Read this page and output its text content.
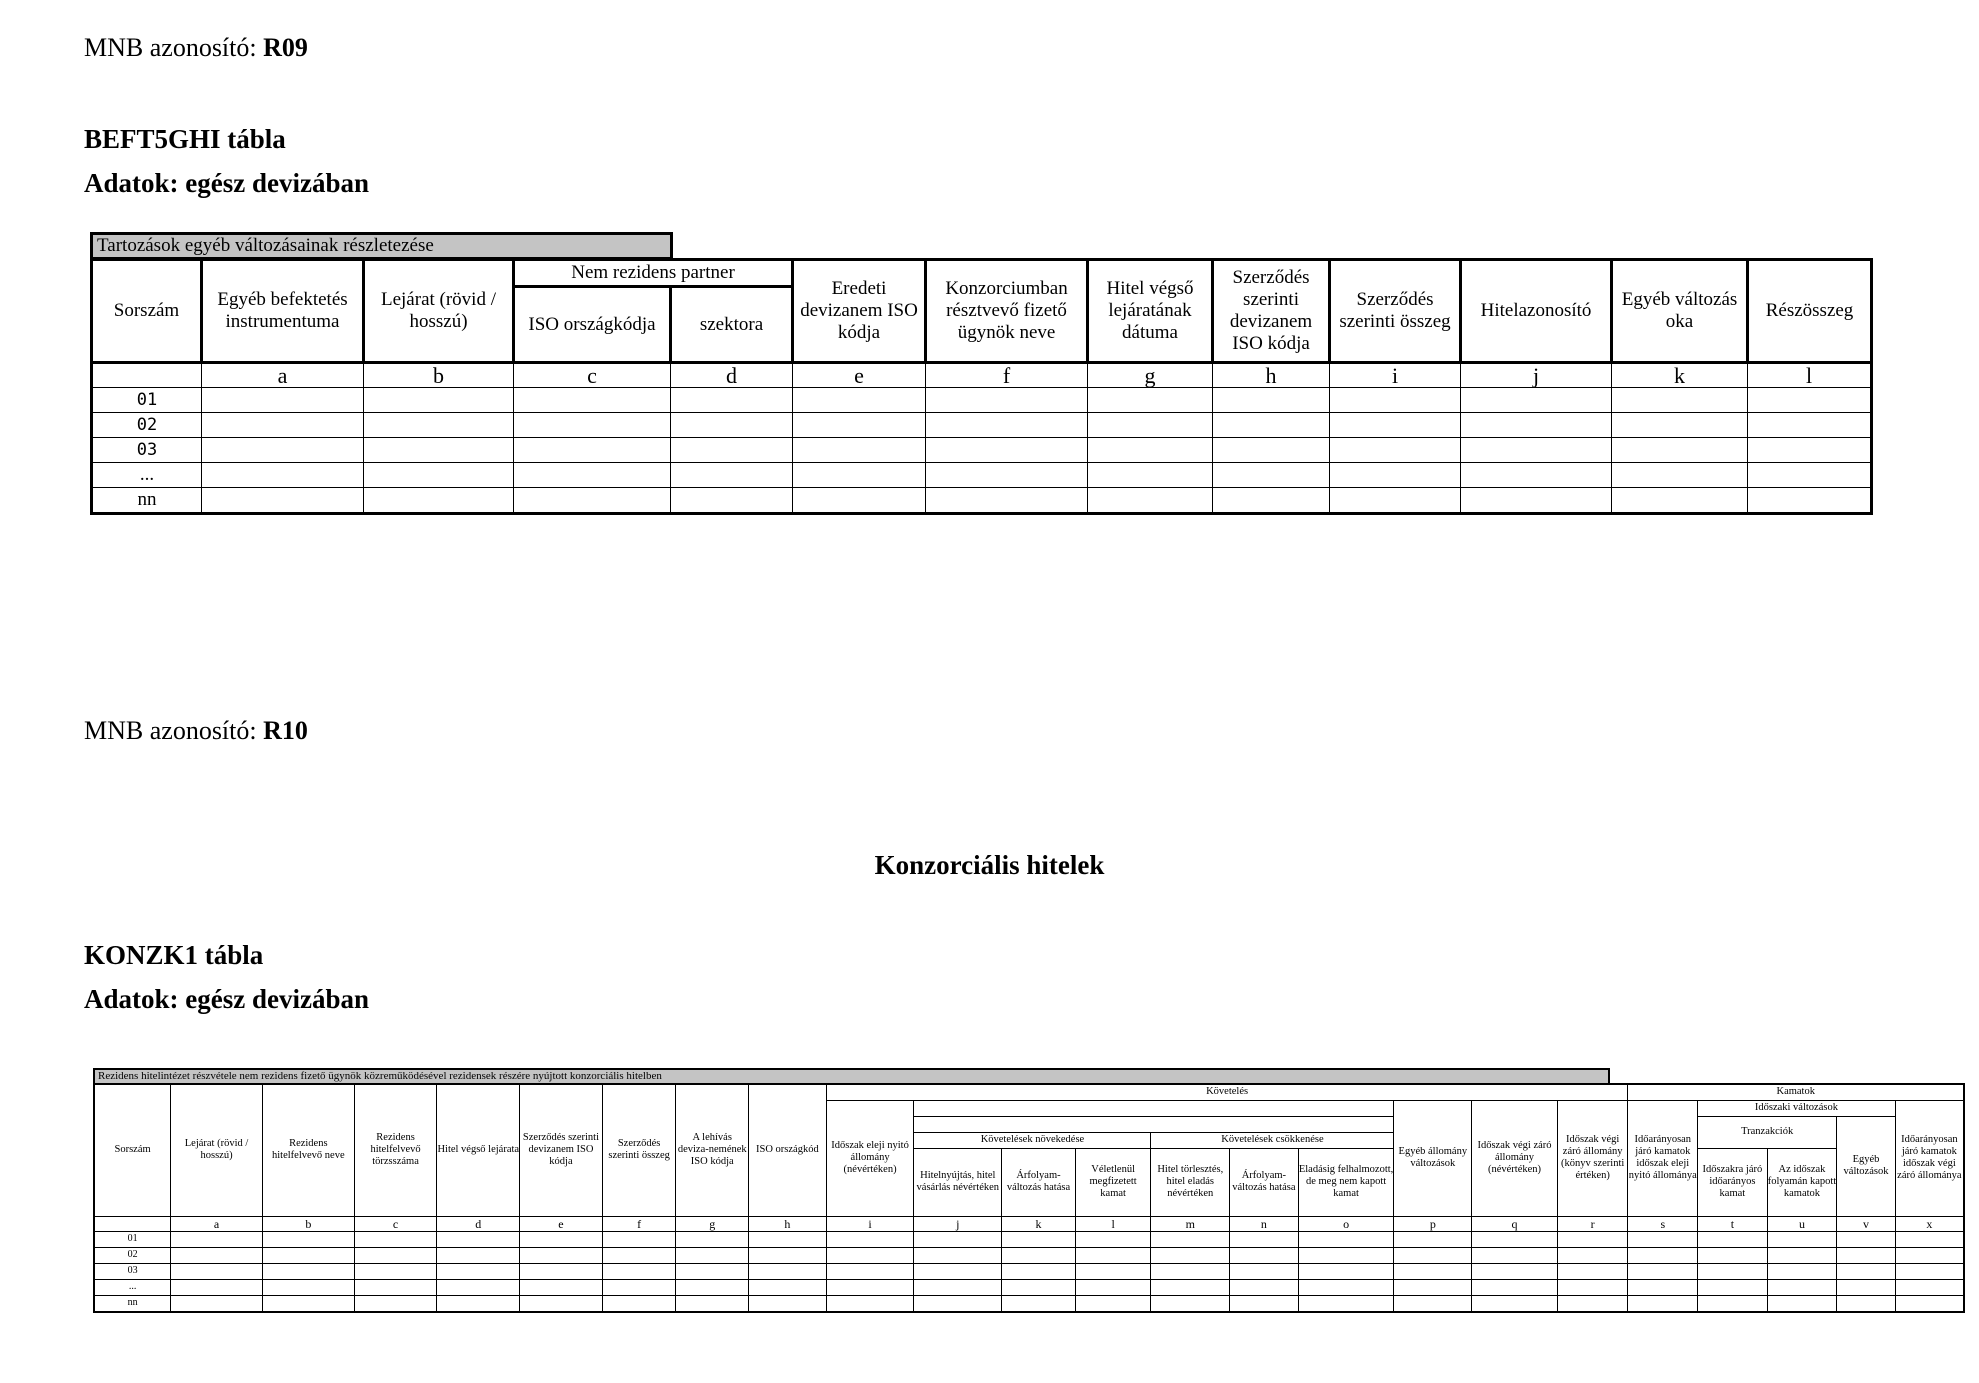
MNB azonosító: R09
BEFT5GHI tábla
Adatok: egész devizában
Tartozások egyéb változásainak részletezése
Sorszám	Egyéb befektetés instrumentuma	Lejárat (rövid / hosszú)	Nem rezidens partner		Eredeti devizanem ISO kódja	Konzorciumban résztvevő fizető ügynök neve	Hitel végső lejáratának dátuma	Szerződés szerinti devizanem ISO kódja	Szerződés szerinti összeg	Hitelazonosító	Egyéb változás oka	Részösszeg
			ISO országkódja	szektora								
	a	b	c	d	e	f	g	h	i	j	k	l
01												
02												
03												
...												
nn												
MNB azonosító: R10
Konzorciális hitelek
KONZK1 tábla
Adatok: egész devizában
Rezidens hitelintézet részvétele nem rezidens fizető ügynök közreműködésével rezidensek részére nyújtott konzorciális hitelben
Sorszám	Lejárat (rövid / hosszú)	Rezidens hitelfelvevő neve	Rezidens hitelfelvevő törzsszáma	Hitel végső lejárata	Szerződés szerinti devizanem ISO kódja	Szerződés szerinti összeg	A lehívás deviza-nemének ISO kódja	ISO országkód	Követelés										Kamatok				
									Időszak eleji nyitó állomány (névértéken)							Egyéb állomány változások	Időszak végi záró állomány (névértéken)	Időszak végi záró állomány (könyv szerinti értéken)	Időarányosan járó kamatok időszak eleji nyitó állománya	Időszaki változások			Időarányosan járó kamatok időszak végi záró állománya
																				Tranzakciók		Egyéb változások	
										Követelések növekedése			Követelések csökkenése										
										Hitelnyújtás, hitel vásárlás névértéken	Árfolyam-változás hatása	Véletlenül megfizetett kamat	Hitel törlesztés, hitel eladás névértéken	Árfolyam-változás hatása	Eladásig felhalmozott, de meg nem kapott kamat					Időszakra járó időarányos kamat	Az időszak folyamán kapott kamatok		
	a	b	c	d	e	f	g	h	i	j	k	l	m	n	o	p	q	r	s	t	u	v	x
01																							
02																							
03																							
...																							
nn																							
